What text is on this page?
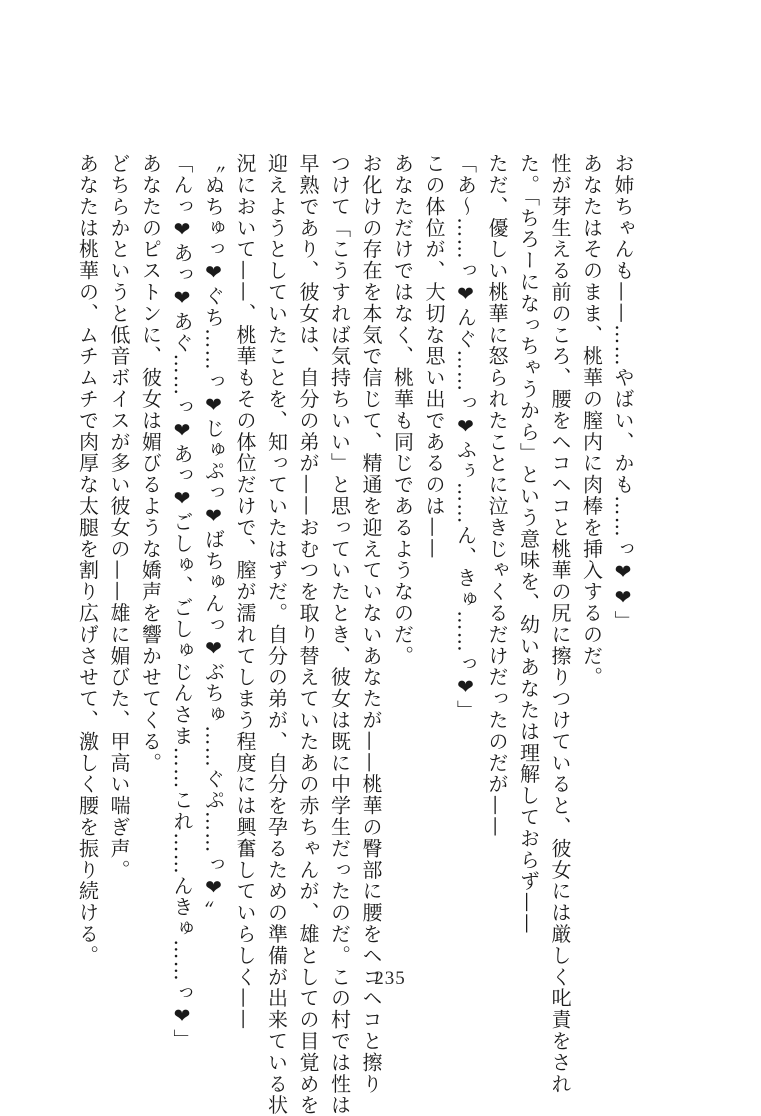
お姉ちゃんも——……やばい、かも……っ❤❤」
あなたはそのまま、桃華の膣内に肉棒を挿入するのだ。
性が芽生える前のころ、腰をヘコヘコと桃華の尻に擦りつけていると、彼女には厳しく叱責をされ
た。「ちろーになっちゃうから」という意味を、幼いあなたは理解しておらず——
ただ、優しい桃華に怒られたことに泣きじゃくるだけだったのだが——
「あ〜……っ❤んぐ……っ❤ふぅ……ん、きゅ……っ❤」
この体位が、大切な思い出であるのは——
あなただけではなく、桃華も同じであるようなのだ。
お化けの存在を本気で信じて、精通を迎えていないあなたが——桃華の臀部に腰をヘコヘコと擦り
つけて「こうすれば気持ちいい」と思っていたとき、彼女は既に中学生だったのだ。この村では性は
早熟であり、彼女は、自分の弟が——おむつを取り替えていたあの赤ちゃんが、雄としての目覚めを
迎えようとしていたことを、知っていたはずだ。自分の弟が、自分を孕るための準備が出来ている状
況において——、桃華もその体位だけで、膣が濡れてしまう程度には興奮していらしく——
〝ぬちゅっ❤ぐち……っ❤じゅぷっ❤ばちゅんっ❤ぶちゅ……ぐぷ……っ❤〟
「んっ❤あっ❤あぐ……っ❤あっ❤ごしゅ、ごしゅじんさま……これ……んきゅ……っ❤」
あなたのピストンに、彼女は媚びるような嬌声を響かせてくる。
どちらかというと低音ボイスが多い彼女の——雄に媚びた、甲高い喘ぎ声。
あなたは桃華の、ムチムチで肉厚な太腿を割り広げさせて、激しく腰を振り続ける。
235
